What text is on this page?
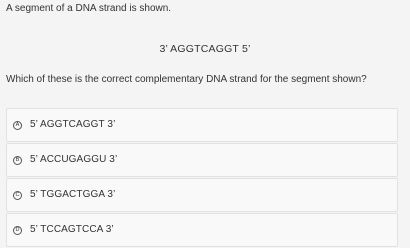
A segment of a DNA strand is shown.
3’ AGGTCAGGT 5’
Which of these is the correct complementary DNA strand for the segment shown?
A 5’ AGGTCAGGT 3’
B 5’ ACCUGAGGU 3’
C 5’ TGGACTGGA 3’
D 5’ TCCAGTCCA 3’
